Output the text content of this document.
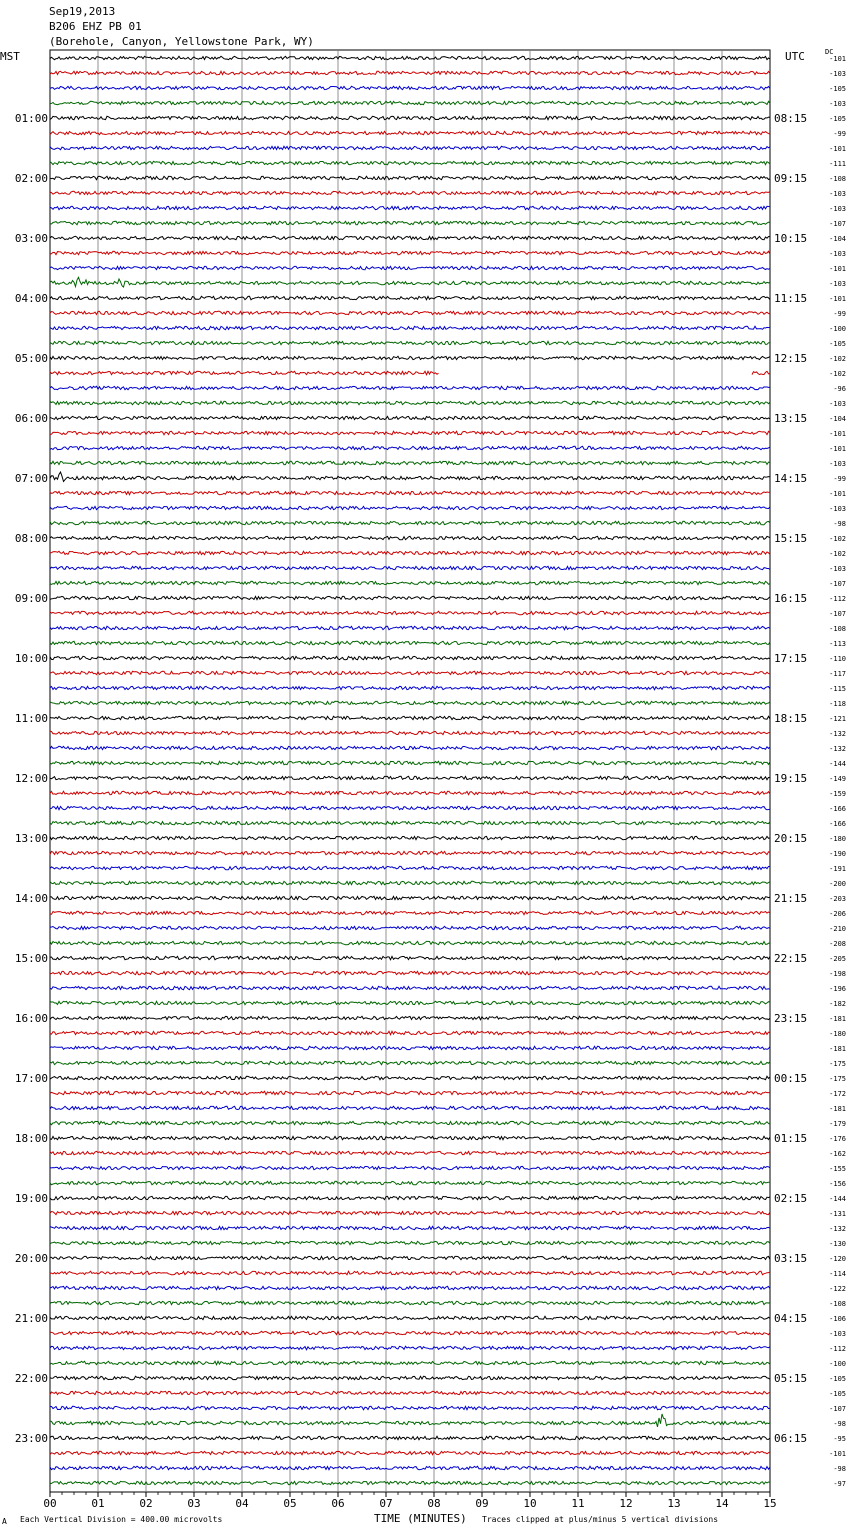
Sep19,2013
B206 EHZ PB 01
(Borehole, Canyon, Yellowstone Park, WY)
MST	UTC	DC
-101
-103
-105
-103
-105
-99
-101
-111
-108
-103
-103
-107
-104
-103
-101
-103
-101
-99
-100
-105
-102
-102
-96
-103
-104
-101
-101
-103
-99
-101
-103
-98
-102
-102
-103
-107
-112
-107
-108
-113
-110
-117
-115
-118
-121
-132
-132
-144
-149
-159
-166
-166
-180
-190
-191
-200
-203
-206
-210
-208
-205
-198
-196
-182
-181
-180
-181
-175
-175
-172
-181
-179
-176
-162
-155
-156
-144
-131
-132
-130
-120
-114
-122
-108
-106
-103
-112
-100
-105
-105
-107
-98
-95
-101
-98
-97
01:00	08:15
02:00	09:15
03:00	10:15
04:00	11:15
05:00	12:15
06:00	13:15
07:00	14:15
08:00	15:15
09:00	16:15
10:00	17:15
11:00	18:15
12:00	19:15
13:00	20:15
14:00	21:15
15:00	22:15
16:00	23:15
17:00	00:15
18:00	01:15
19:00	02:15
20:00	03:15
21:00	04:15
22:00	05:15
23:00	06:15
00	01	02	03	04	05	06	07	08	09	10	11	12	13	14	15
A Each Vertical Division = 400.00 microvolts	TIME (MINUTES) Traces clipped at plus/minus 5 vertical divisions
